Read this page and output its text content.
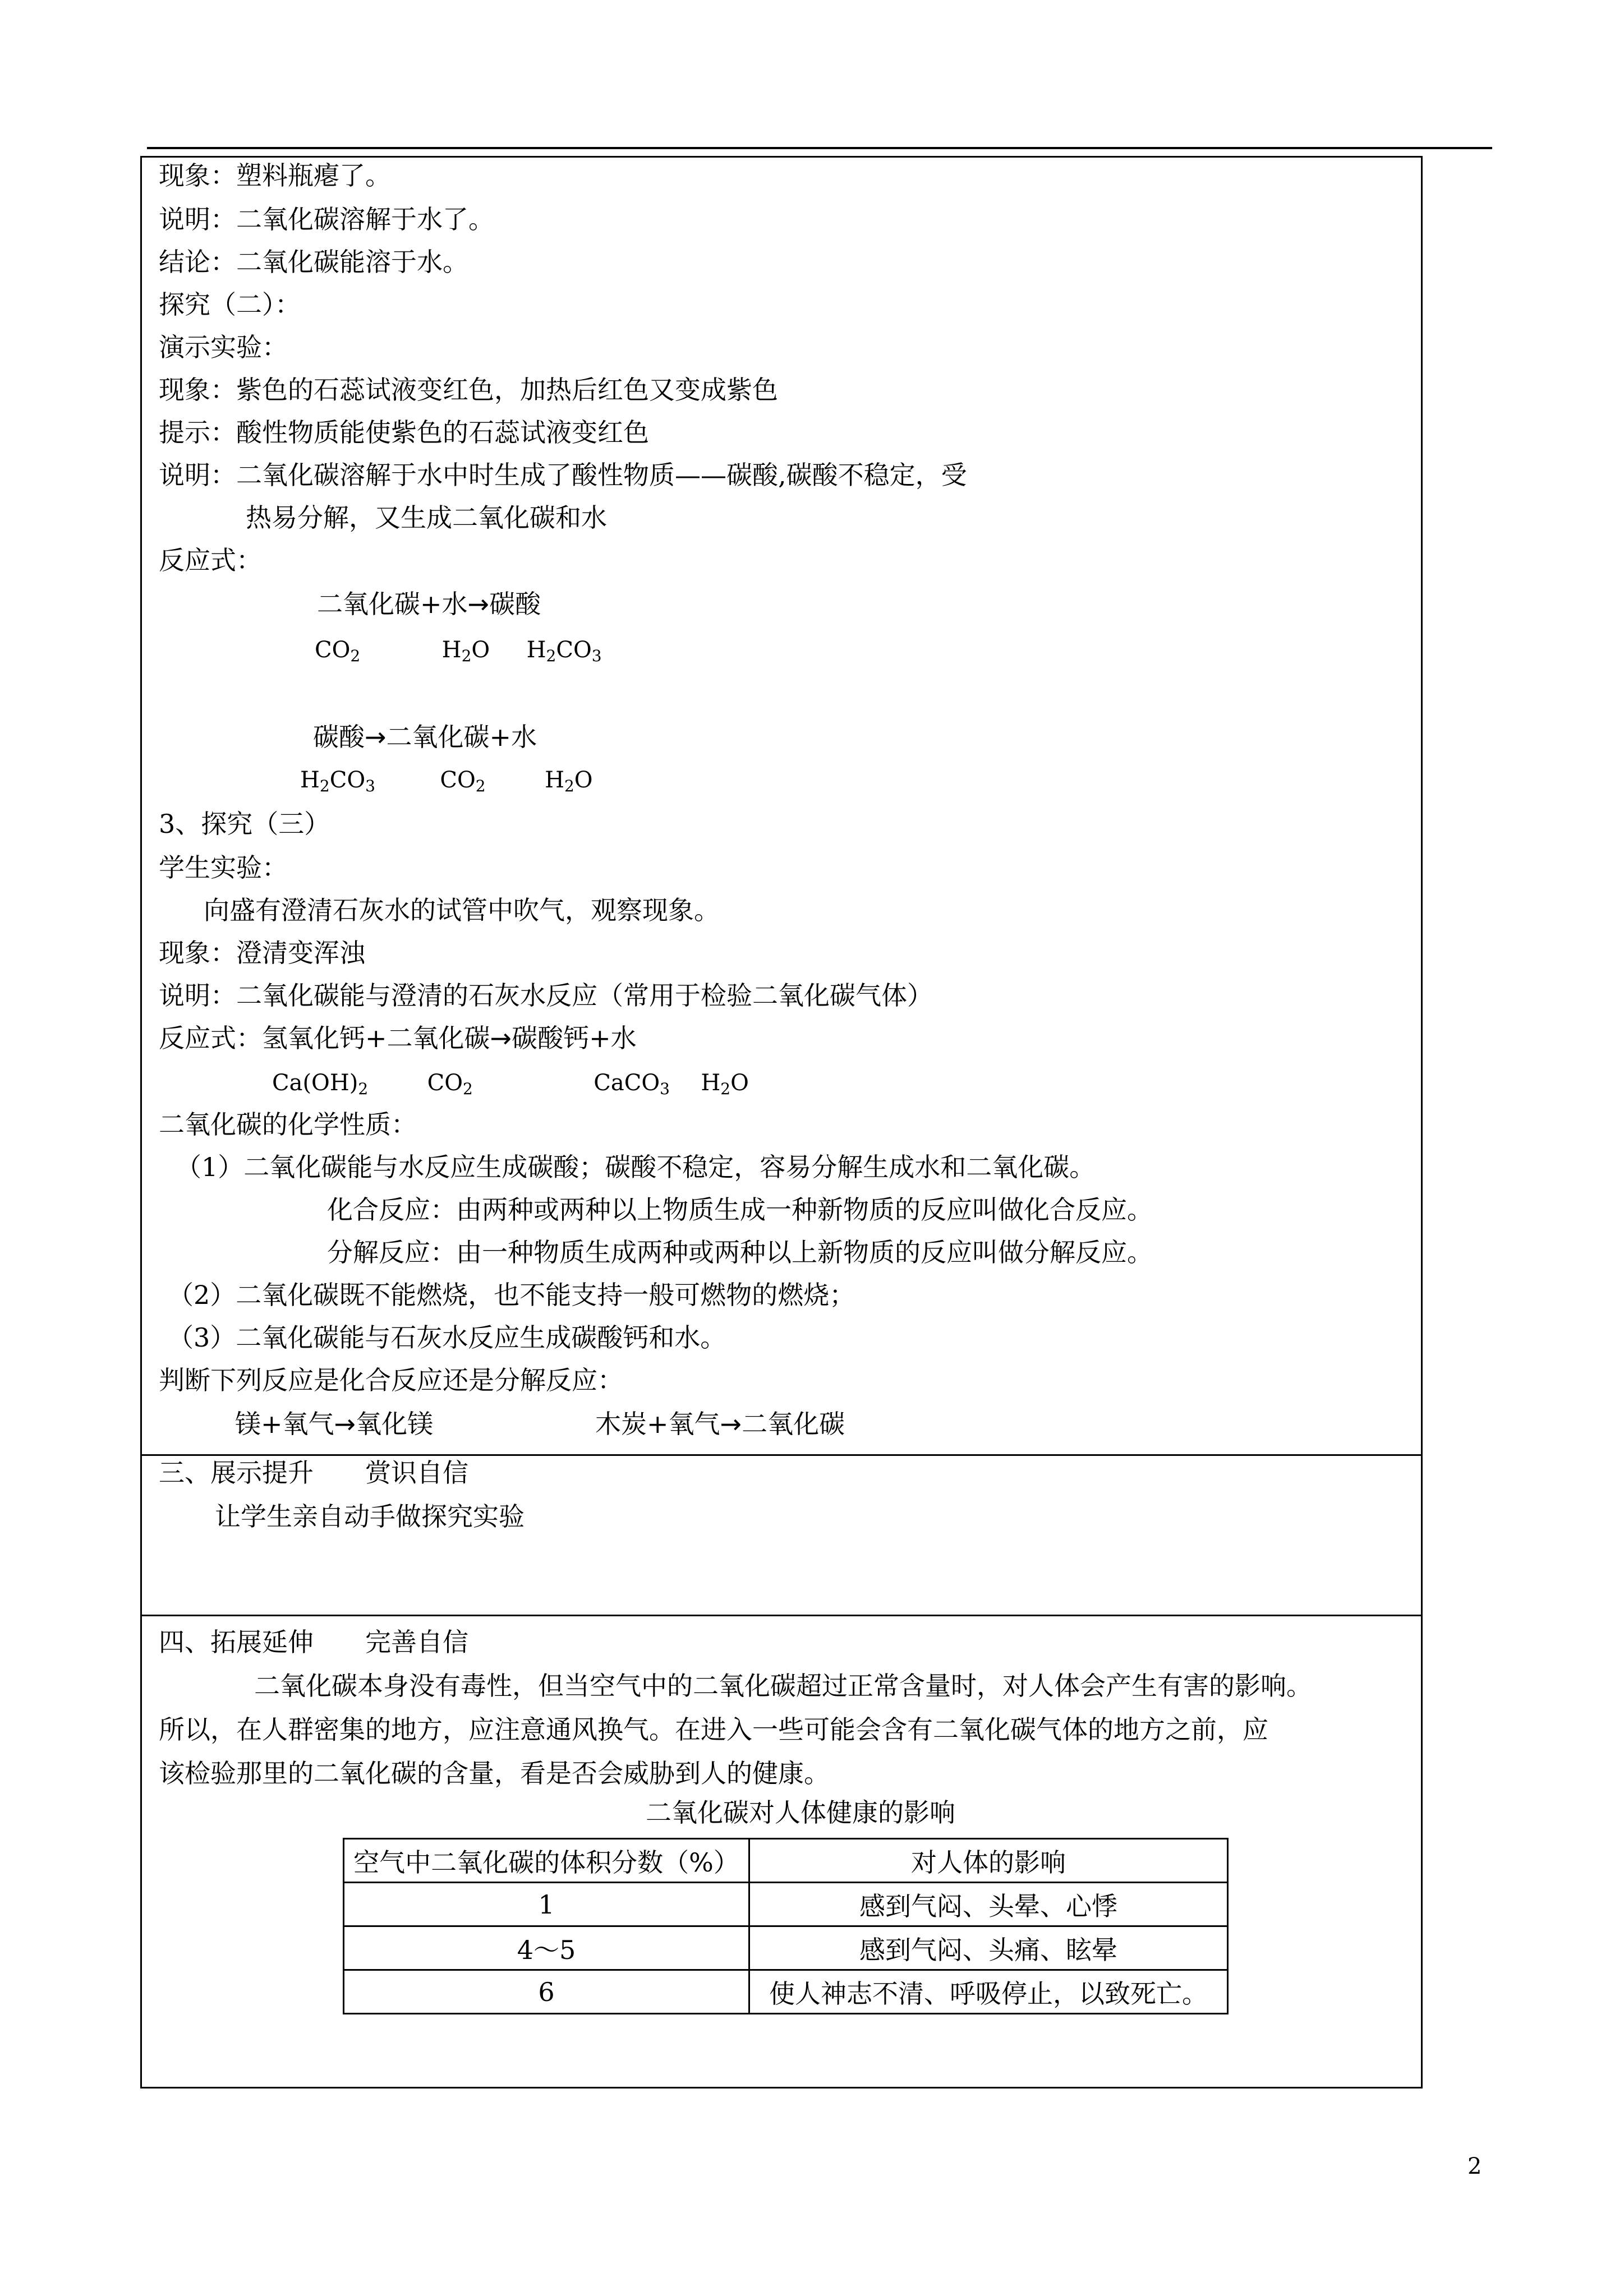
现象：塑料瓶瘪了。
说明：二氧化碳溶解于水了。
结论：二氧化碳能溶于水。
探究（二）：
演示实验：
现象：紫色的石蕊试液变红色，加热后红色又变成紫色
提示：酸性物质能使紫色的石蕊试液变红色
说明：二氧化碳溶解于水中时生成了酸性物质——碳酸,碳酸不稳定，受
热易分解，又生成二氧化碳和水
反应式：
二氧化碳+水→碳酸
$CO_2$	$H_2O$ $H_2CO_3$
碳酸→二氧化碳+水
$H_2CO_3$	$CO_2$	$H_2O$
3、探究（三）
学生实验：
向盛有澄清石灰水的试管中吹气，观察现象。
现象：澄清变浑浊
说明：二氧化碳能与澄清的石灰水反应（常用于检验二氧化碳气体）
反应式：氢氧化钙+二氧化碳→碳酸钙+水
$Ca(OH)_2$	$CO_2$	CaCO$_3$ $H_2O$
二氧化碳的化学性质：
（1）二氧化碳能与水反应生成碳酸；碳酸不稳定，容易分解生成水和二氧化碳。
化合反应：由两种或两种以上物质生成一种新物质的反应叫做化合反应。
分解反应：由一种物质生成两种或两种以上新物质的反应叫做分解反应。
（2）二氧化碳既不能燃烧，也不能支持一般可燃物的燃烧；
（3）二氧化碳能与石灰水反应生成碳酸钙和水。
判断下列反应是化合反应还是分解反应：
镁+氧气→氧化镁	木炭+氧气→二氧化碳
三、展示提升　　赏识自信
让学生亲自动手做探究实验
四、拓展延伸　　完善自信
二氧化碳本身没有毒性，但当空气中的二氧化碳超过正常含量时，对人体会产生有害的影响。
所以，在人群密集的地方，应注意通风换气。在进入一些可能会含有二氧化碳气体的地方之前，应
该检验那里的二氧化碳的含量，看是否会威胁到人的健康。
二氧化碳对人体健康的影响
空气中二氧化碳的体积分数（%）	对人体的影响
1	感到气闷、头晕、心悸
4～5	感到气闷、头痛、眩晕
6	使人神志不清、呼吸停止，以致死亡。
2
